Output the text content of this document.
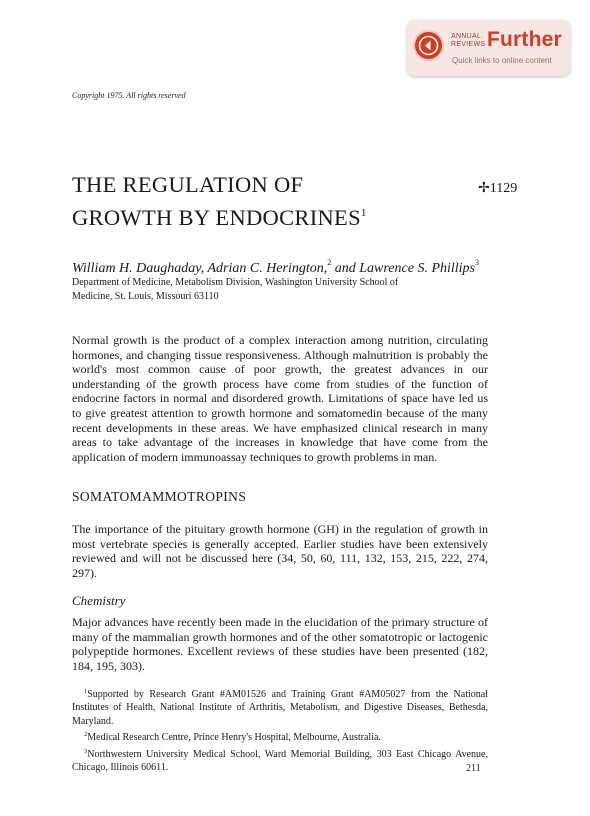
ANNUAL
REVIEWS Further
Quick links to online content
Copyright 1975. All rights reserved
THE REGULATION OF
GROWTH BY ENDOCRINES$^1$
✢1129
William H. Daughaday, Adrian C. Herington,$^2$ and Lawrence S. Phillips$^3$
Department of Medicine, Metabolism Division, Washington University School of
Medicine, St. Louis, Missouri 63110

Normal growth is the product of a complex interaction among nutrition, circulating hormones, and changing tissue responsiveness. Although malnutrition is probably the world's most common cause of poor growth, the greatest advances in our understanding of the growth process have come from studies of the function of endocrine factors in normal and disordered growth. Limitations of space have led us to give greatest attention to growth hormone and somatomedin because of the many recent developments in these areas. We have emphasized clinical research in many areas to take advantage of the increases in knowledge that have come from the application of modern immunoassay techniques to growth problems in man.

SOMATOMAMMOTROPINS

The importance of the pituitary growth hormone (GH) in the regulation of growth in most vertebrate species is generally accepted. Earlier studies have been extensively reviewed and will not be discussed here (34, 50, 60, 111, 132, 153, 215, 222, 274, 297).

Chemistry

Major advances have recently been made in the elucidation of the primary structure of many of the mammalian growth hormones and of the other somatotropic or lactogenic polypeptide hormones. Excellent reviews of these studies have been presented (182, 184, 195, 303).

$^1$Supported by Research Grant #AM01526 and Training Grant #AM05027 from the National Institutes of Health, National Institute of Arthritis, Metabolism, and Digestive Diseases, Bethesda, Maryland.

$^2$Medical Research Centre, Prince Henry's Hospital, Melbourne, Australia.

$^3$Northwestern University Medical School, Ward Memorial Building, 303 East Chicago Avenue, Chicago, Illinois 60611.	211
